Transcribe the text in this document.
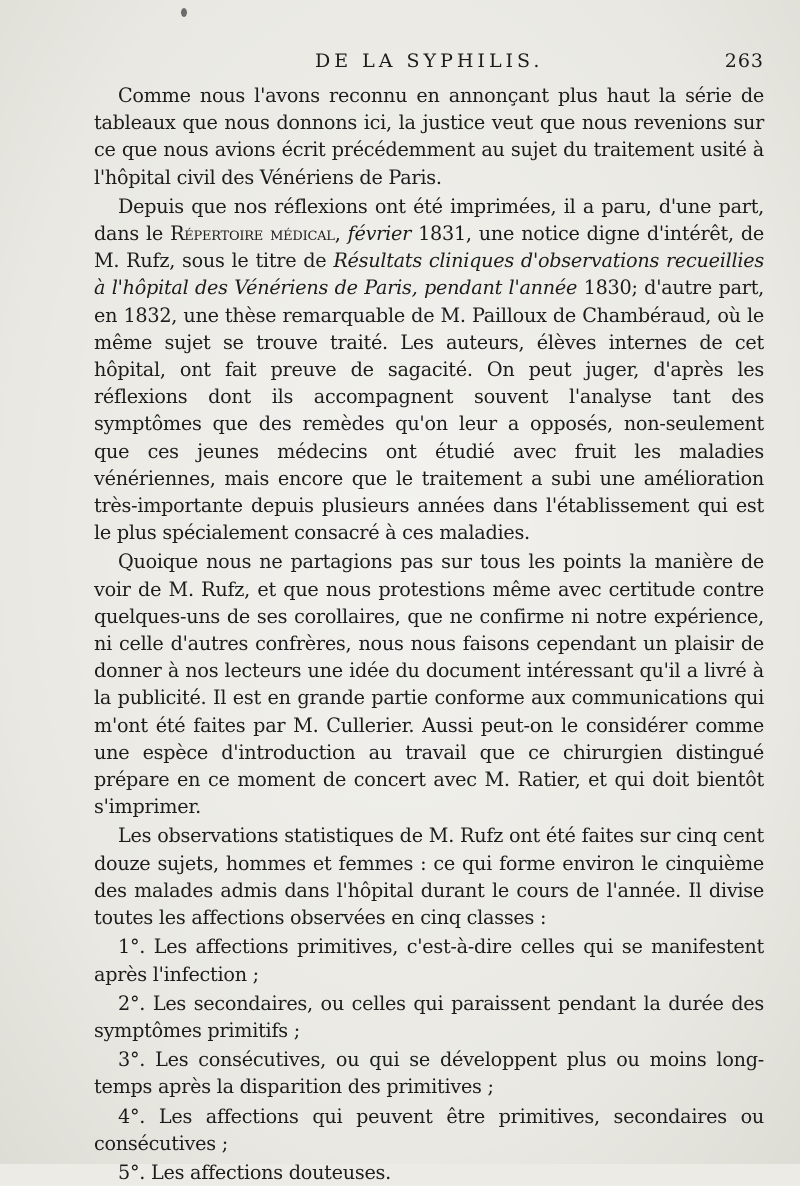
DE LA SYPHILIS.	263

Comme nous l'avons reconnu en annonçant plus haut la série de tableaux que nous donnons ici, la justice veut que nous revenions sur ce que nous avions écrit précédemment au sujet du traitement usité à l'hôpital civil des Vénériens de Paris.

Depuis que nos réflexions ont été imprimées, il a paru, d'une part, dans le Répertoire médical, février 1831, une notice digne d'intérêt, de M. Rufz, sous le titre de Résultats cliniques d'observations recueillies à l'hôpital des Vénériens de Paris, pendant l'année 1830; d'autre part, en 1832, une thèse remarquable de M. Pailloux de Chambéraud, où le même sujet se trouve traité. Les auteurs, élèves internes de cet hôpital, ont fait preuve de sagacité. On peut juger, d'après les réflexions dont ils accompagnent souvent l'analyse tant des symptômes que des remèdes qu'on leur a opposés, non-seulement que ces jeunes médecins ont étudié avec fruit les maladies vénériennes, mais encore que le traitement a subi une amélioration très-importante depuis plusieurs années dans l'établissement qui est le plus spécialement consacré à ces maladies.

Quoique nous ne partagions pas sur tous les points la manière de voir de M. Rufz, et que nous protestions même avec certitude contre quelques-uns de ses corollaires, que ne confirme ni notre expérience, ni celle d'autres confrères, nous nous faisons cependant un plaisir de donner à nos lecteurs une idée du document intéressant qu'il a livré à la publicité. Il est en grande partie conforme aux communications qui m'ont été faites par M. Cullerier. Aussi peut-on le considérer comme une espèce d'introduction au travail que ce chirurgien distingué prépare en ce moment de concert avec M. Ratier, et qui doit bientôt s'imprimer.

Les observations statistiques de M. Rufz ont été faites sur cinq cent douze sujets, hommes et femmes : ce qui forme environ le cinquième des malades admis dans l'hôpital durant le cours de l'année. Il divise toutes les affections observées en cinq classes :

1°. Les affections primitives, c'est-à-dire celles qui se manifestent après l'infection ;

2°. Les secondaires, ou celles qui paraissent pendant la durée des symptômes primitifs ;

3°. Les consécutives, ou qui se développent plus ou moins long-temps après la disparition des primitives ;

4°. Les affections qui peuvent être primitives, secondaires ou consécutives ;

5°. Les affections douteuses.
